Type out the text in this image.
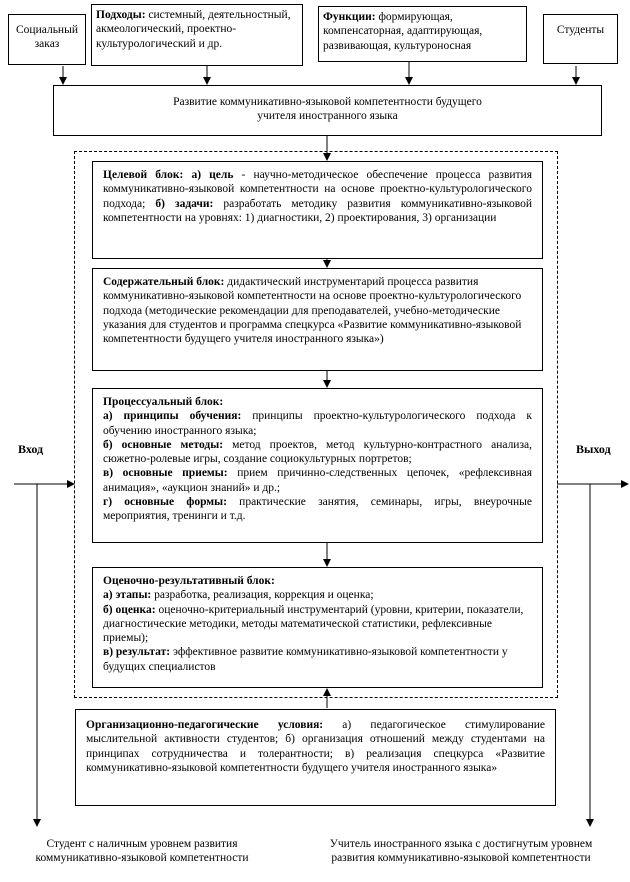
Социальный заказ
Подходы: системный, деятельностный, акмеологический, проектно-культурологический и др.
Функции: формирующая, компенсаторная, адаптирующая, развивающая, культуроносная
Студенты
Развитие коммуникативно-языковой компетентности будущего
учителя иностранного языка
Целевой блок: а) цель - научно-методическое обеспечение процесса развития коммуникативно-языковой компетентности на основе проектно-культурологического подхода; б) задачи: разработать методику развития коммуникативно-языковой компетентности на уровнях: 1) диагностики, 2) проектирования, 3) организации
Содержательный блок: дидактический инструментарий процесса развития коммуникативно-языковой компетентности на основе проектно-культурологического подхода (методические рекомендации для преподавателей, учебно-методические указания для студентов и программа спецкурса «Развитие коммуникативно-языковой компетентности будущего учителя иностранного языка»)
Процессуальный блок:
а) принципы обучения: принципы проектно-культурологического подхода к обучению иностранного языка;
б) основные методы: метод проектов, метод культурно-контрастного анализа, сюжетно-ролевые игры, создание социокультурных портретов;
в) основные приемы: прием причинно-следственных цепочек, «рефлексивная анимация», «аукцион знаний» и др.;
г) основные формы: практические занятия, семинары, игры, внеурочные мероприятия, тренинги и т.д.
Оценочно-результативный блок:
а) этапы: разработка, реализация, коррекция и оценка;
б) оценка: оценочно-критериальный инструментарий (уровни, критерии, показатели, диагностические методики, методы математической статистики, рефлексивные приемы);
в) результат: эффективное развитие коммуникативно-языковой компетентности у будущих специалистов
Организационно-педагогические условия: а) педагогическое стимулирование мыслительной активности студентов; б) организация отношений между студентами на принципах сотрудничества и толерантности; в) реализация спецкурса «Развитие коммуникативно-языковой компетентности будущего учителя иностранного языка»
Вход	Выход
Студент с наличным уровнем развития
коммуникативно-языковой компетентности
Учитель иностранного языка с достигнутым уровнем
развития коммуникативно-языковой компетентности
